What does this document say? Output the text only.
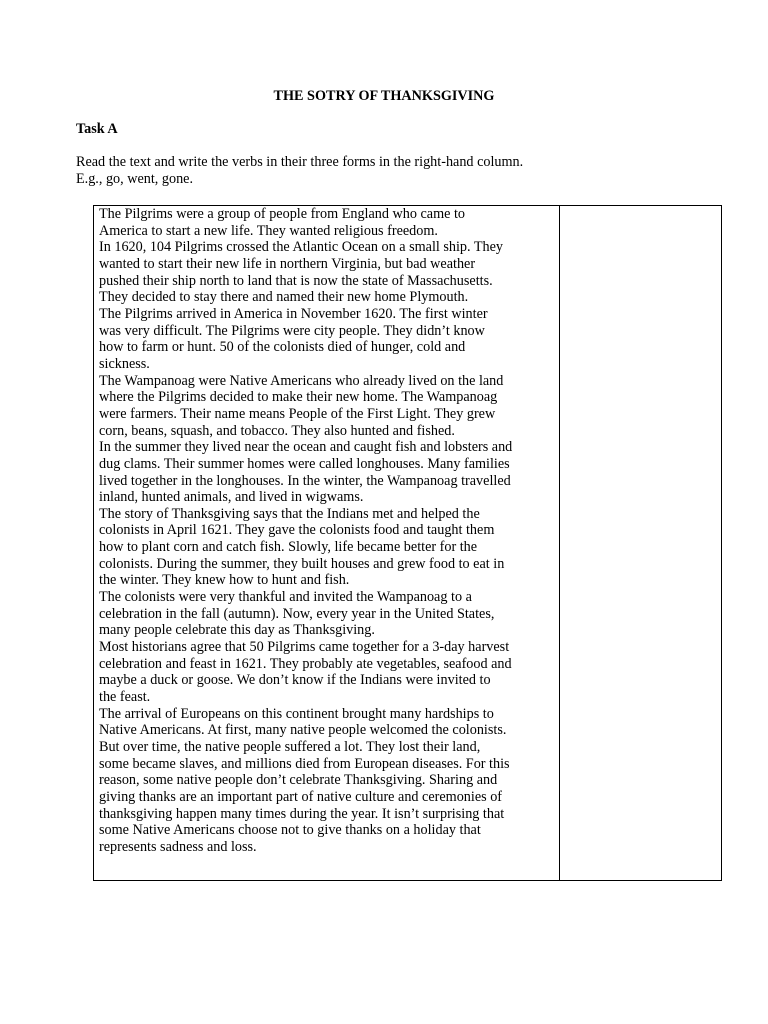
THE SOTRY OF THANKSGIVING
Task A
Read the text and write the verbs in their three forms in the right-hand column.
E.g., go, went, gone.
The Pilgrims were a group of people from England who came to
America to start a new life. They wanted religious freedom.
In 1620, 104 Pilgrims crossed the Atlantic Ocean on a small ship. They
wanted to start their new life in northern Virginia, but bad weather
pushed their ship north to land that is now the state of Massachusetts.
They decided to stay there and named their new home Plymouth.
The Pilgrims arrived in America in November 1620. The first winter
was very difficult. The Pilgrims were city people. They didn’t know
how to farm or hunt. 50 of the colonists died of hunger, cold and
sickness.
The Wampanoag were Native Americans who already lived on the land
where the Pilgrims decided to make their new home. The Wampanoag
were farmers. Their name means People of the First Light. They grew
corn, beans, squash, and tobacco. They also hunted and fished.
In the summer they lived near the ocean and caught fish and lobsters and
dug clams. Their summer homes were called longhouses. Many families
lived together in the longhouses. In the winter, the Wampanoag travelled
inland, hunted animals, and lived in wigwams.
The story of Thanksgiving says that the Indians met and helped the
colonists in April 1621. They gave the colonists food and taught them
how to plant corn and catch fish. Slowly, life became better for the
colonists. During the summer, they built houses and grew food to eat in
the winter. They knew how to hunt and fish.
The colonists were very thankful and invited the Wampanoag to a
celebration in the fall (autumn). Now, every year in the United States,
many people celebrate this day as Thanksgiving.
Most historians agree that 50 Pilgrims came together for a 3-day harvest
celebration and feast in 1621. They probably ate vegetables, seafood and
maybe a duck or goose. We don’t know if the Indians were invited to
the feast.
The arrival of Europeans on this continent brought many hardships to
Native Americans. At first, many native people welcomed the colonists.
But over time, the native people suffered a lot. They lost their land,
some became slaves, and millions died from European diseases. For this
reason, some native people don’t celebrate Thanksgiving. Sharing and
giving thanks are an important part of native culture and ceremonies of
thanksgiving happen many times during the year. It isn’t surprising that
some Native Americans choose not to give thanks on a holiday that
represents sadness and loss.
